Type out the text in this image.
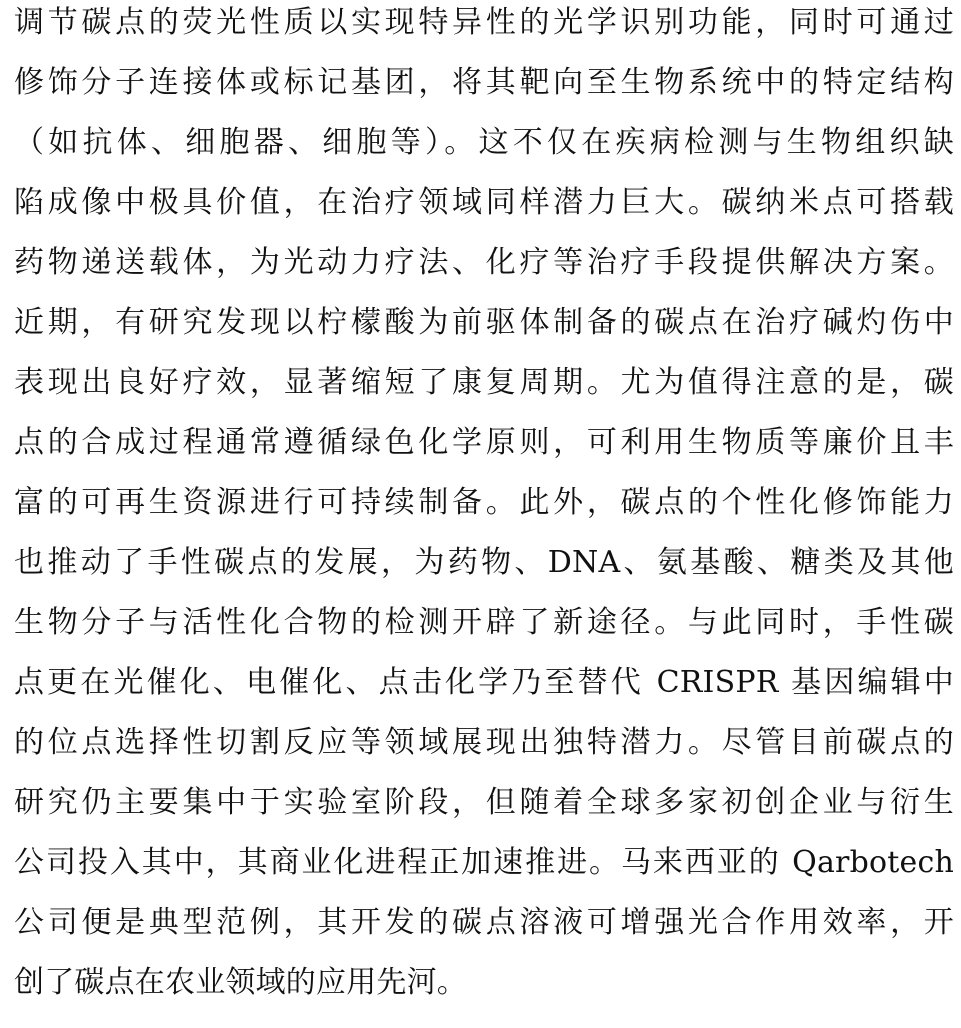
调节碳点的荧光性质以实现特异性的光学识别功能，同时可通过
修饰分子连接体或标记基团，将其靶向至生物系统中的特定结构
（如抗体、细胞器、细胞等）。这不仅在疾病检测与生物组织缺
陷成像中极具价值，在治疗领域同样潜力巨大。碳纳米点可搭载
药物递送载体，为光动力疗法、化疗等治疗手段提供解决方案。
近期，有研究发现以柠檬酸为前驱体制备的碳点在治疗碱灼伤中
表现出良好疗效，显著缩短了康复周期。尤为值得注意的是，碳
点的合成过程通常遵循绿色化学原则，可利用生物质等廉价且丰
富的可再生资源进行可持续制备。此外，碳点的个性化修饰能力
也推动了手性碳点的发展，为药物、DNA、氨基酸、糖类及其他
生物分子与活性化合物的检测开辟了新途径。与此同时，手性碳
点更在光催化、电催化、点击化学乃至替代 CRISPR 基因编辑中
的位点选择性切割反应等领域展现出独特潜力。尽管目前碳点的
研究仍主要集中于实验室阶段，但随着全球多家初创企业与衍生
公司投入其中，其商业化进程正加速推进。马来西亚的 Qarbotech
公司便是典型范例，其开发的碳点溶液可增强光合作用效率，开
创了碳点在农业领域的应用先河。
